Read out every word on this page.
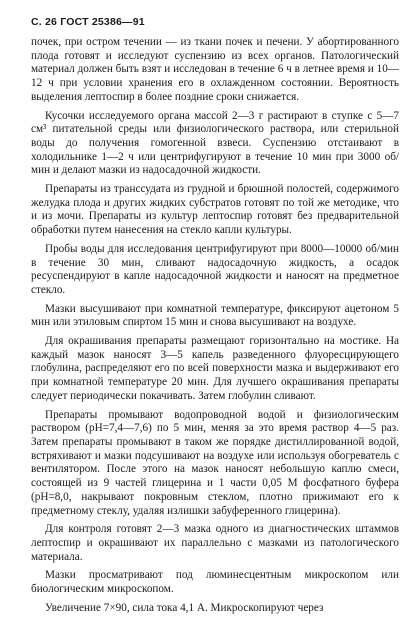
С. 26 ГОСТ 25386—91

почек, при остром течении — из ткани почек и печени. У абортированного плода готовят и исследуют суспензию из всех органов. Патологический материал должен быть взят и исследован в течение 6 ч в летнее время и 10—12 ч при условии хранения его в охлажденном состоянии. Вероятность выделения лептоспир в более поздние сроки снижается.

Кусочки исследуемого органа массой 2—3 г растирают в ступке с 5—7 см³ питательной среды или физиологического раствора, или стерильной воды до получения гомогенной взвеси. Суспензию отстаивают в холодильнике 1—2 ч или центрифугируют в течение 10 мин при 3000 об/мин и делают мазки из надосадочной жидкости.

Препараты из транссудата из грудной и брюшной полостей, содержимого желудка плода и других жидких субстратов готовят по той же методике, что и из мочи. Препараты из культур лептоспир готовят без предварительной обработки путем нанесения на стекло капли культуры.

Пробы воды для исследования центрифугируют при 8000—10000 об/мин в течение 30 мин, сливают надосадочную жидкость, а осадок ресуспендируют в капле надосадочной жидкости и наносят на предметное стекло.

Мазки высушивают при комнатной температуре, фиксируют ацетоном 5 мин или этиловым спиртом 15 мин и снова высушивают на воздухе.

Для окрашивания препараты размещают горизонтально на мостике. На каждый мазок наносят 3—5 капель разведенного флуоресцирующего глобулина, распределяют его по всей поверхности мазка и выдерживают его при комнатной температуре 20 мин. Для лучшего окрашивания препараты следует периодически покачивать. Затем глобулин сливают.

Препараты промывают водопроводной водой и физиологическим раствором (pH=7,4—7,6) по 5 мин, меняя за это время раствор 4—5 раз. Затем препараты промывают в таком же порядке дистиллированной водой, встряхивают и мазки подсушивают на воздухе или используя обогреватель с вентилятором. После этого на мазок наносят небольшую каплю смеси, состоящей из 9 частей глицерина и 1 части 0,05 М фосфатного буфера (pH=8,0, накрывают покровным стеклом, плотно прижимают его к предметному стеклу, удаляя излишки забуференного глицерина).

Для контроля готовят 2—3 мазка одного из диагностических штаммов лептоспир и окрашивают их параллельно с мазками из патологического материала.

Мазки просматривают под люминесцентным микроскопом или биологическим микроскопом.

Увеличение 7×90, сила тока 4,1 А. Микроскопируют через
